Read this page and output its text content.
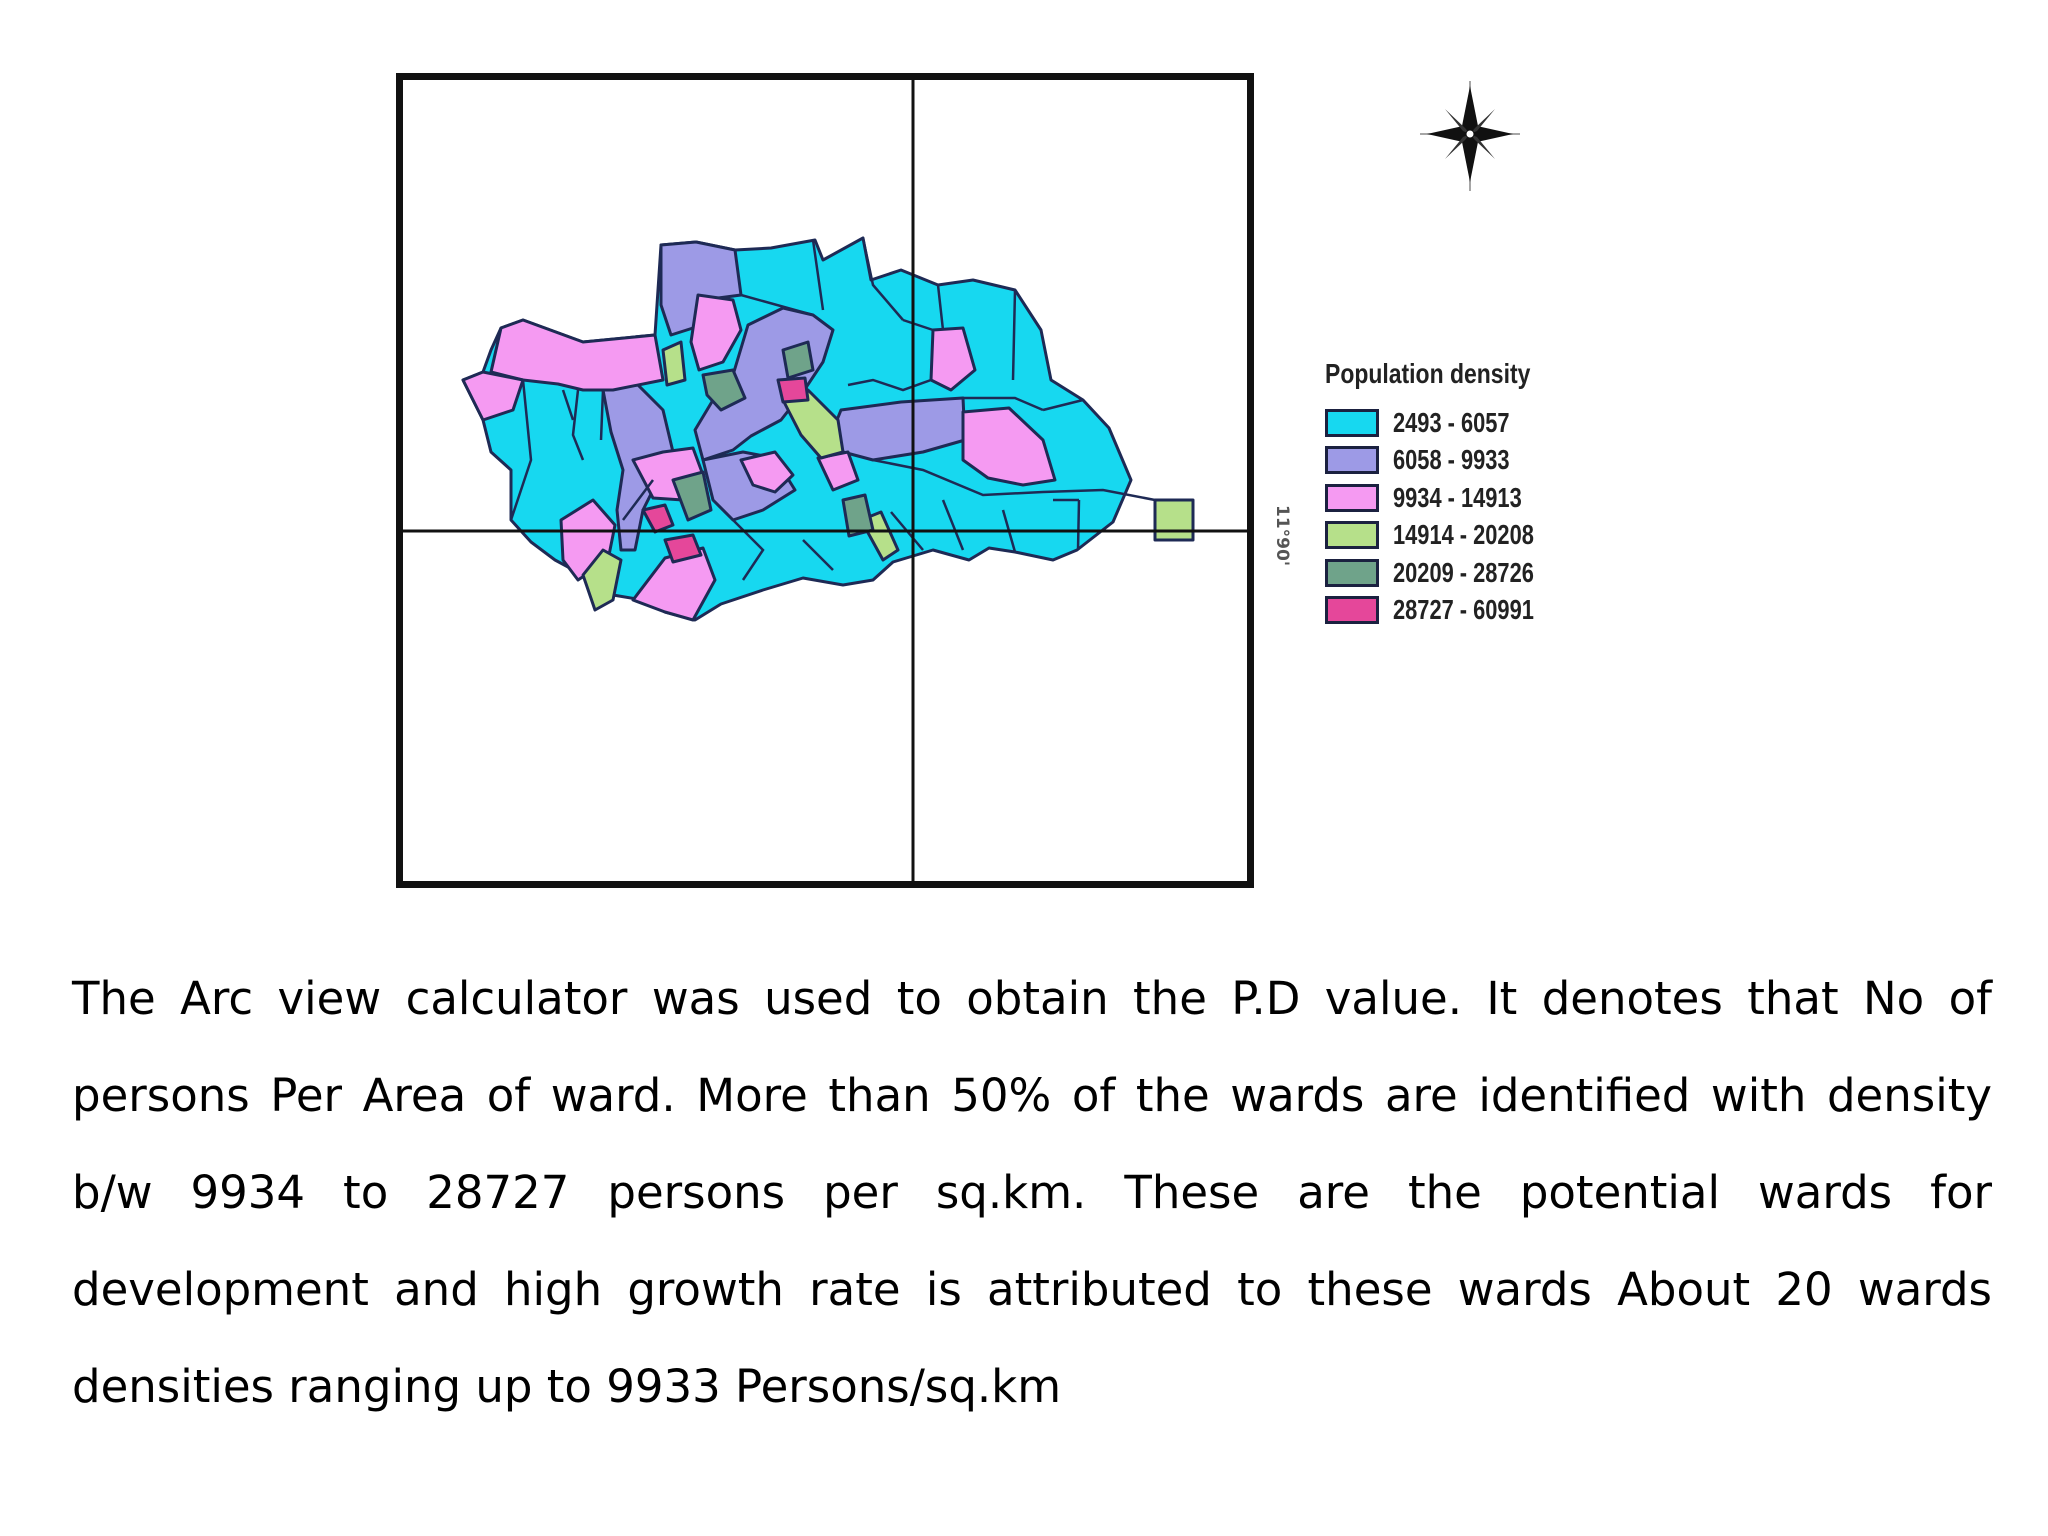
11°90'
Population density
2493 - 6057
6058 - 9933
9934 - 14913
14914 - 20208
20209 - 28726
28727 - 60991

The Arc view calculator was used to obtain the P.D value. It denotes that No of persons Per Area of ward. More than 50% of the wards are identified with density b/w 9934 to 28727 persons per sq.km. These are the potential wards for development and high growth rate is attributed to these wards About 20 wards densities ranging up to 9933 Persons/sq.km
